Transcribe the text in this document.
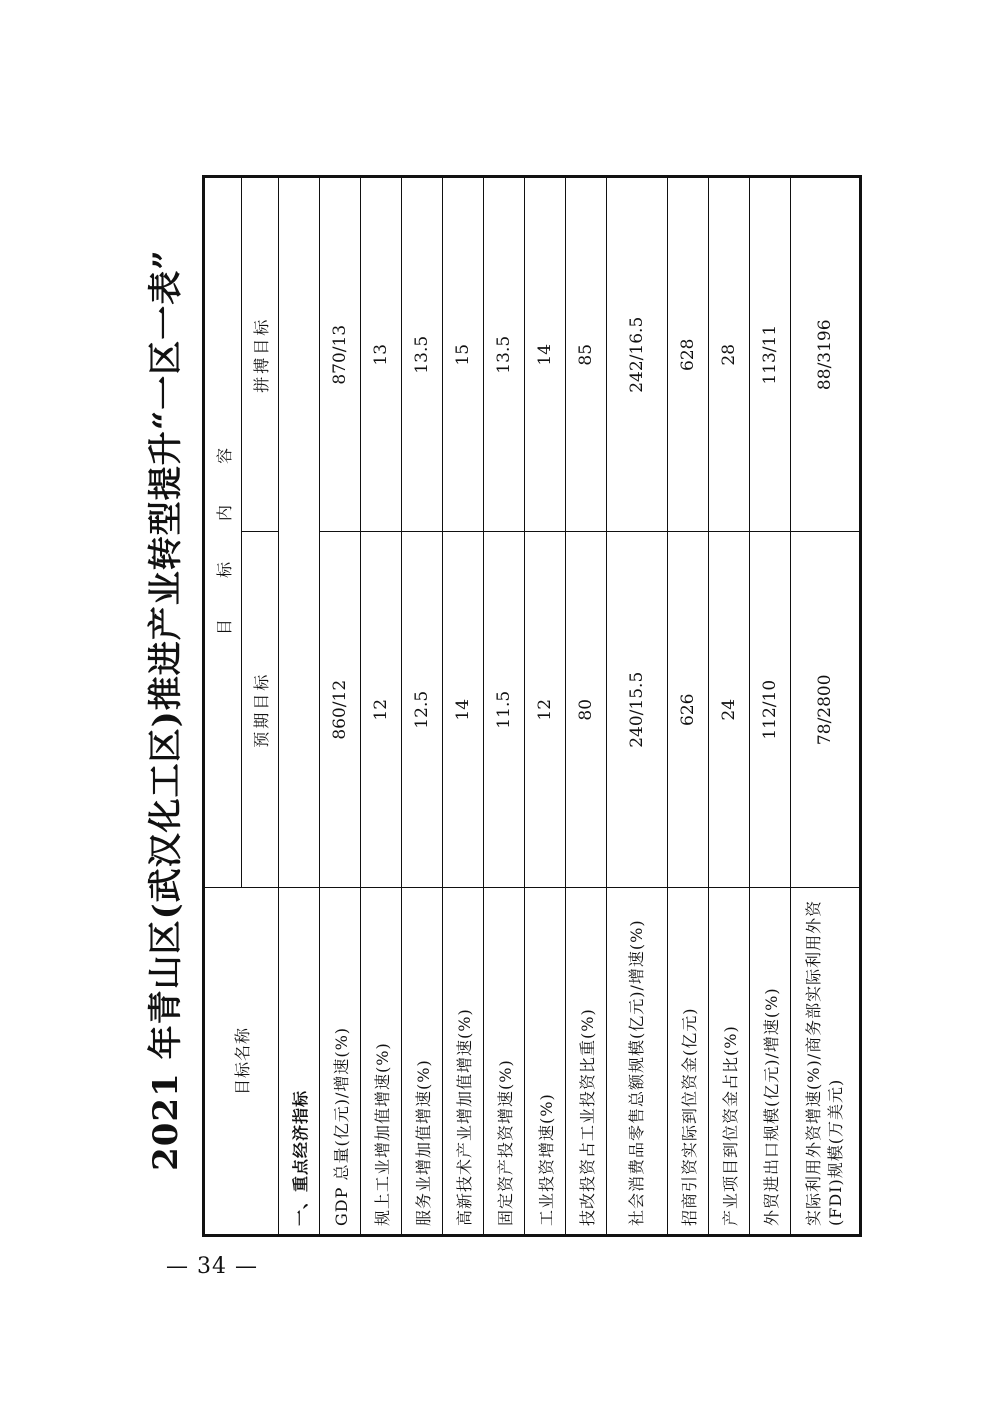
— 34 —
2021 年青山区(武汉化工区)推进产业转型提升“一区一表”	目标名称	目 标 内 容	
	预期目标	拼搏目标
一、重点经济指标		
GDP 总量(亿元)/增速(%)	860/12	870/13
规上工业增加值增速(%)	12	13
服务业增加值增速(%)	12.5	13.5
高新技术产业增加值增速(%)	14	15
固定资产投资增速(%)	11.5	13.5
工业投资增速(%)	12	14
技改投资占工业投资比重(%)	80	85
社会消费品零售总额规模(亿元)/增速(%)	240/15.5	242/16.5
招商引资实际到位资金(亿元)	626	628
产业项目到位资金占比(%)	24	28
外贸进出口规模(亿元)/增速(%)	112/10	113/11
实际利用外资增速(%)/商务部实际利用外资(FDI)规模(万美元)	78/2800	88/3196
